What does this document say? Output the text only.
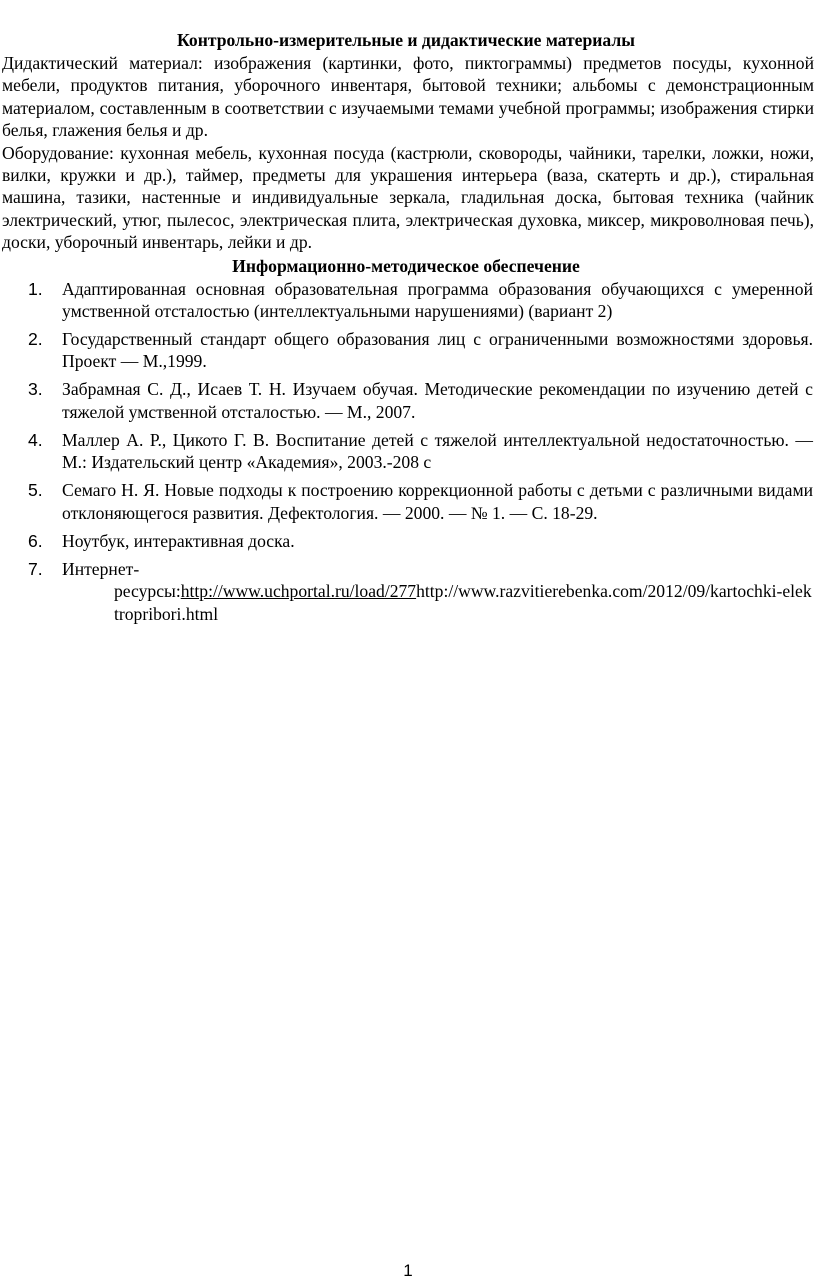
Контрольно-измерительные и дидактические материалы

Дидактический материал: изображения (картинки, фото, пиктограммы) предметов посуды, кухонной мебели, продуктов питания, уборочного инвентаря, бытовой техники; альбомы с демонстрационным материалом, составленным в соответствии с изучаемыми темами учебной программы; изображения стирки белья, глажения белья и др.

Оборудование: кухонная мебель, кухонная посуда (кастрюли, сковороды, чайники, тарелки, ложки, ножи, вилки, кружки и др.), таймер, предметы для украшения интерьера (ваза, скатерть и др.), стиральная машина, тазики, настенные и индивидуальные зеркала, гладильная доска, бытовая техника (чайник электрический, утюг, пылесос, электрическая плита, электрическая духовка, миксер, микроволновая печь), доски, уборочный инвентарь, лейки и др.

Информационно-методическое обеспечение
1 . Адаптированная основная образовательная программа образования обучающихся с умеренной умственной отсталостью (интеллектуальными нарушениями) (вариант 2)
2 . Государственный стандарт общего образования лиц с ограниченными возможностями здоровья. Проект — М.,1999.
3 . Забрамная С. Д., Исаев Т. Н. Изучаем обучая. Методические рекомендации по изучению детей с тяжелой умственной отсталостью. — М., 2007.
4 . Маллер А. Р., Цикото Г. В. Воспитание детей с тяжелой интеллектуальной недостаточностью. — М.: Издательский центр «Академия», 2003.-208 с
5 . Семаго Н. Я. Новые подходы к построению коррекционной работы с детьми с различными видами отклоняющегося развития. Дефектология. — 2000. — № 1. — С. 18-29.
6 . Ноутбук, интерактивная доска.
7 . Интернет-
ресурсы:http://www.uchportal.ru/load/277http://www.razvitierebenka.com/2012/09/kartochki-elektropribori.html
1
